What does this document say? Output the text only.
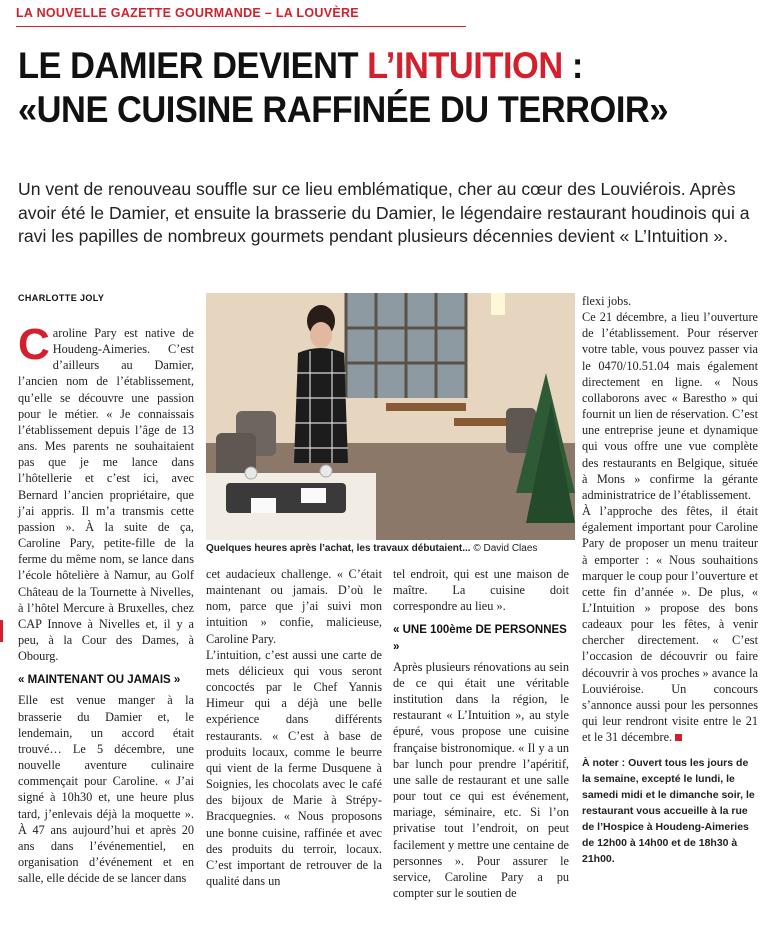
LA NOUVELLE GAZETTE GOURMANDE – LA LOUVÈRE
LE DAMIER DEVIENT L’INTUITION :
«UNE CUISINE RAFFINÉE DU TERROIR»
Un vent de renouveau souffle sur ce lieu emblématique, cher au cœur des Louviérois. Après avoir été le Damier, et ensuite la brasserie du Damier, le légendaire restaurant houdinois qui a ravi les papilles de nombreux gourmets pendant plusieurs décennies devient « L’Intuition ».
CHARLOTTE JOLY

Caroline Pary est native de Houdeng-Aimeries. C’est d’ailleurs au Damier, l’ancien nom de l’établissement, qu’elle se découvre une passion pour le métier. « Je connaissais l’établissement depuis l’âge de 13 ans. Mes parents ne souhaitaient pas que je me lance dans l’hôtellerie et c’est ici, avec Bernard l’ancien propriétaire, que j’ai appris. Il m’a transmis cette passion ». À la suite de ça, Caroline Pary, petite-fille de la ferme du même nom, se lance dans l’école hôtelière à Namur, au Golf Château de la Tournette à Nivelles, à l’hôtel Mercure à Bruxelles, chez CAP Innove à Nivelles et, il y a peu, à la Cour des Dames, à Obourg.

« MAINTENANT OU JAMAIS »

Elle est venue manger à la brasserie du Damier et, le lendemain, un accord était trouvé… Le 5 décembre, une nouvelle aventure culinaire commençait pour Caroline. « J’ai signé à 10h30 et, une heure plus tard, j’enlevais déjà la moquette ». À 47 ans aujourd’hui et après 20 ans dans l’événementiel, en organisation d’événement et en salle, elle décide de se lancer dans

Quelques heures après l’achat, les travaux débutaient... © David Claes

cet audacieux challenge. « C’était maintenant ou jamais. D’où le nom, parce que j’ai suivi mon intuition » confie, malicieuse, Caroline Pary.

L’intuition, c’est aussi une carte de mets délicieux qui vous seront concoctés par le Chef Yannis Himeur qui a déjà une belle expérience dans différents restaurants. « C’est à base de produits locaux, comme le beurre qui vient de la ferme Dusquene à Soignies, les chocolats avec le café des bijoux de Marie à Strépy-Bracquegnies. « Nous proposons une bonne cuisine, raffinée et avec des produits du terroir, locaux. C’est important de retrouver de la qualité dans un

tel endroit, qui est une maison de maître. La cuisine doit correspondre au lieu ».

« UNE 100ème DE PERSONNES »

Après plusieurs rénovations au sein de ce qui était une véritable institution dans la région, le restaurant « L’Intuition », au style épuré, vous propose une cuisine française bistronomique. « Il y a un bar lunch pour prendre l’apéritif, une salle de restaurant et une salle pour tout ce qui est événement, mariage, séminaire, etc. Si l’on privatise tout l’endroit, on peut facilement y mettre une centaine de personnes ». Pour assurer le service, Caroline Pary a pu compter sur le soutien de

flexi jobs.

Ce 21 décembre, a lieu l’ouverture de l’établissement. Pour réserver votre table, vous pouvez passer via le 0470/10.51.04 mais également directement en ligne. « Nous collaborons avec « Barestho » qui fournit un lien de réservation. C’est une entreprise jeune et dynamique qui vous offre une vue complète des restaurants en Belgique, située à Mons » confirme la gérante administratrice de l’établissement.

À l’approche des fêtes, il était également important pour Caroline Pary de proposer un menu traiteur à emporter : « Nous souhaitions marquer le coup pour l’ouverture et cette fin d’année ». De plus, « L’Intuition » propose des bons cadeaux pour les fêtes, à venir chercher directement. « C’est l’occasion de découvrir ou faire découvrir à vos proches » avance la Louviéroise. Un concours s’annonce aussi pour les personnes qui leur rendront visite entre le 21 et le 31 décembre.

À noter : Ouvert tous les jours de la semaine, excepté le lundi, le samedi midi et le dimanche soir, le restaurant vous accueille à la rue de l’Hospice à Houdeng-Aimeries de 12h00 à 14h00 et de 18h30 à 21h00.
